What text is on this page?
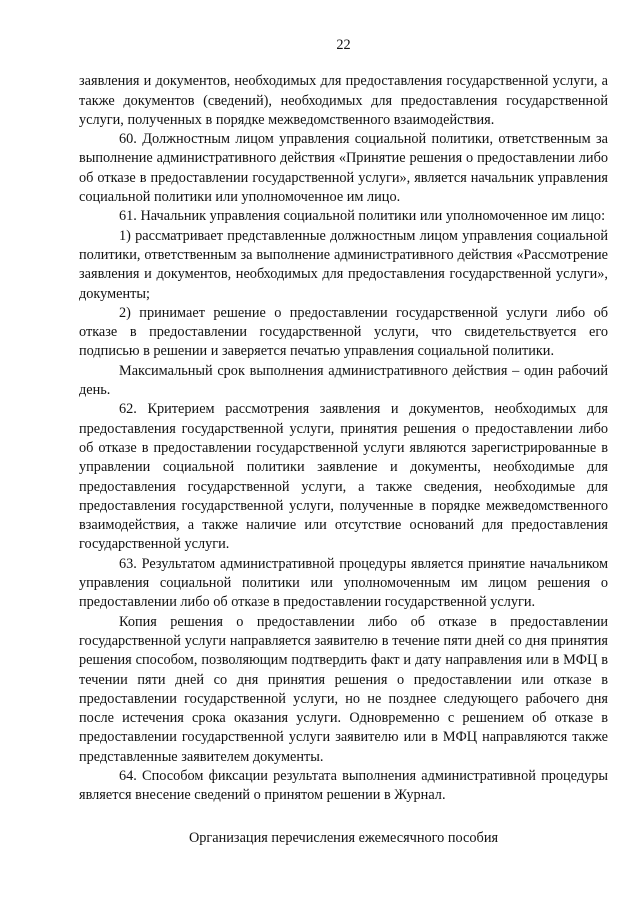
22

заявления и документов, необходимых для предоставления государственной услуги, а также документов (сведений), необходимых для предоставления государственной услуги, полученных в порядке межведомственного взаимодействия.

60. Должностным лицом управления социальной политики, ответственным за выполнение административного действия «Принятие решения о предоставлении либо об отказе в предоставлении государственной услуги», является начальник управления социальной политики или уполномоченное им лицо.

61. Начальник управления социальной политики или уполномоченное им лицо:

1) рассматривает представленные должностным лицом управления социальной политики, ответственным за выполнение административного действия «Рассмотрение заявления и документов, необходимых для предоставления государственной услуги», документы;

2) принимает решение о предоставлении государственной услуги либо об отказе в предоставлении государственной услуги, что свидетельствуется его подписью в решении и заверяется печатью управления социальной политики.

Максимальный срок выполнения административного действия – один рабочий день.

62. Критерием рассмотрения заявления и документов, необходимых для предоставления государственной услуги, принятия решения о предоставлении либо об отказе в предоставлении государственной услуги являются зарегистрированные в управлении социальной политики заявление и документы, необходимые для предоставления государственной услуги, а также сведения, необходимые для предоставления государственной услуги, полученные в порядке межведомственного взаимодействия, а также наличие или отсутствие оснований для предоставления государственной услуги.

63. Результатом административной процедуры является принятие начальником управления социальной политики или уполномоченным им лицом решения о предоставлении либо об отказе в предоставлении государственной услуги.

Копия решения о предоставлении либо об отказе в предоставлении государственной услуги направляется заявителю в течение пяти дней со дня принятия решения способом, позволяющим подтвердить факт и дату направления или в МФЦ в течении пяти дней со дня принятия решения о предоставлении или отказе в предоставлении государственной услуги, но не позднее следующего рабочего дня после истечения срока оказания услуги. Одновременно с решением об отказе в предоставлении государственной услуги заявителю или в МФЦ направляются также представленные заявителем документы.

64. Способом фиксации результата выполнения административной процедуры является внесение сведений о принятом решении в Журнал.

Организация перечисления ежемесячного пособия
